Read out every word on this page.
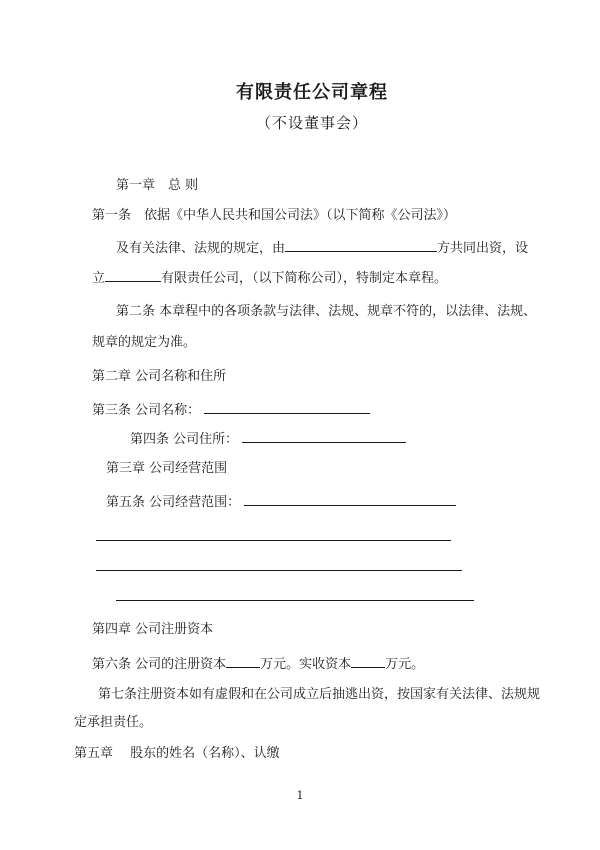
有限责任公司章程
（不设董事会）
第一章　总 则
第一条　依据《中华人民共和国公司法》（以下简称《公司法》）
及有关法律、法规的规定，由	方共同出资，设
立	有限责任公司，（以下简称公司），特制定本章程。
第二条 本章程中的各项条款与法律、法规、规章不符的，以法律、法规、
规章的规定为准。
第二章 公司名称和住所
第三条 公司名称：
第四条 公司住所：
第三章 公司经营范围
第五条 公司经营范围：
第四章 公司注册资本
第六条 公司的注册资本	万元。实收资本	万元。
第七条注册资本如有虚假和在公司成立后抽逃出资，按国家有关法律、法规规
定承担责任。
第五章　 股东的姓名（名称）、认缴
1
